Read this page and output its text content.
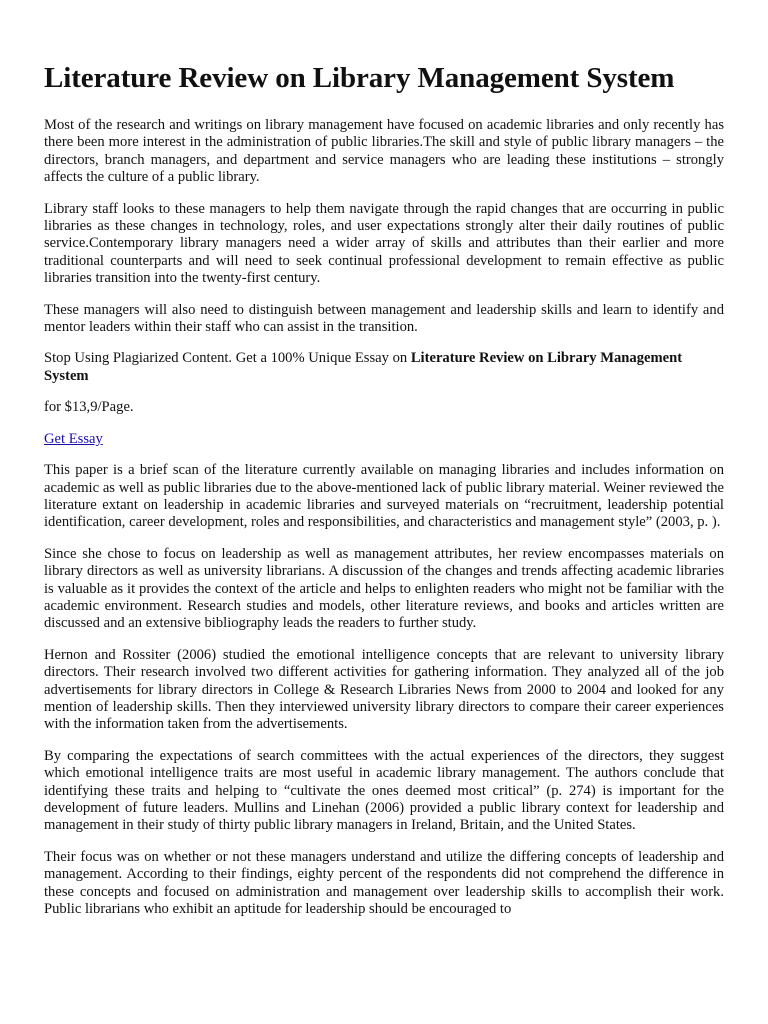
Literature Review on Library Management System

Most of the research and writings on library management have focused on academic libraries and only recently has there been more interest in the administration of public libraries.The skill and style of public library managers – the directors, branch managers, and department and service managers who are leading these institutions – strongly affects the culture of a public library.

Library staff looks to these managers to help them navigate through the rapid changes that are occurring in public libraries as these changes in technology, roles, and user expectations strongly alter their daily routines of public service.Contemporary library managers need a wider array of skills and attributes than their earlier and more traditional counterparts and will need to seek continual professional development to remain effective as public libraries transition into the twenty-first century.

These managers will also need to distinguish between management and leadership skills and learn to identify and mentor leaders within their staff who can assist in the transition.

Stop Using Plagiarized Content. Get a 100% Unique Essay on Literature Review on Library Management System

for $13,9/Page.

Get Essay

This paper is a brief scan of the literature currently available on managing libraries and includes information on academic as well as public libraries due to the above-mentioned lack of public library material. Weiner reviewed the literature extant on leadership in academic libraries and surveyed materials on “recruitment, leadership potential identification, career development, roles and responsibilities, and characteristics and management style” (2003, p. ).

Since she chose to focus on leadership as well as management attributes, her review encompasses materials on library directors as well as university librarians. A discussion of the changes and trends affecting academic libraries is valuable as it provides the context of the article and helps to enlighten readers who might not be familiar with the academic environment. Research studies and models, other literature reviews, and books and articles written are discussed and an extensive bibliography leads the readers to further study.

Hernon and Rossiter (2006) studied the emotional intelligence concepts that are relevant to university library directors. Their research involved two different activities for gathering information. They analyzed all of the job advertisements for library directors in College & Research Libraries News from 2000 to 2004 and looked for any mention of leadership skills. Then they interviewed university library directors to compare their career experiences with the information taken from the advertisements.

By comparing the expectations of search committees with the actual experiences of the directors, they suggest which emotional intelligence traits are most useful in academic library management. The authors conclude that identifying these traits and helping to “cultivate the ones deemed most critical” (p. 274) is important for the development of future leaders. Mullins and Linehan (2006) provided a public library context for leadership and management in their study of thirty public library managers in Ireland, Britain, and the United States.

Their focus was on whether or not these managers understand and utilize the differing concepts of leadership and management. According to their findings, eighty percent of the respondents did not comprehend the difference in these concepts and focused on administration and management over leadership skills to accomplish their work. Public librarians who exhibit an aptitude for leadership should be encouraged to
